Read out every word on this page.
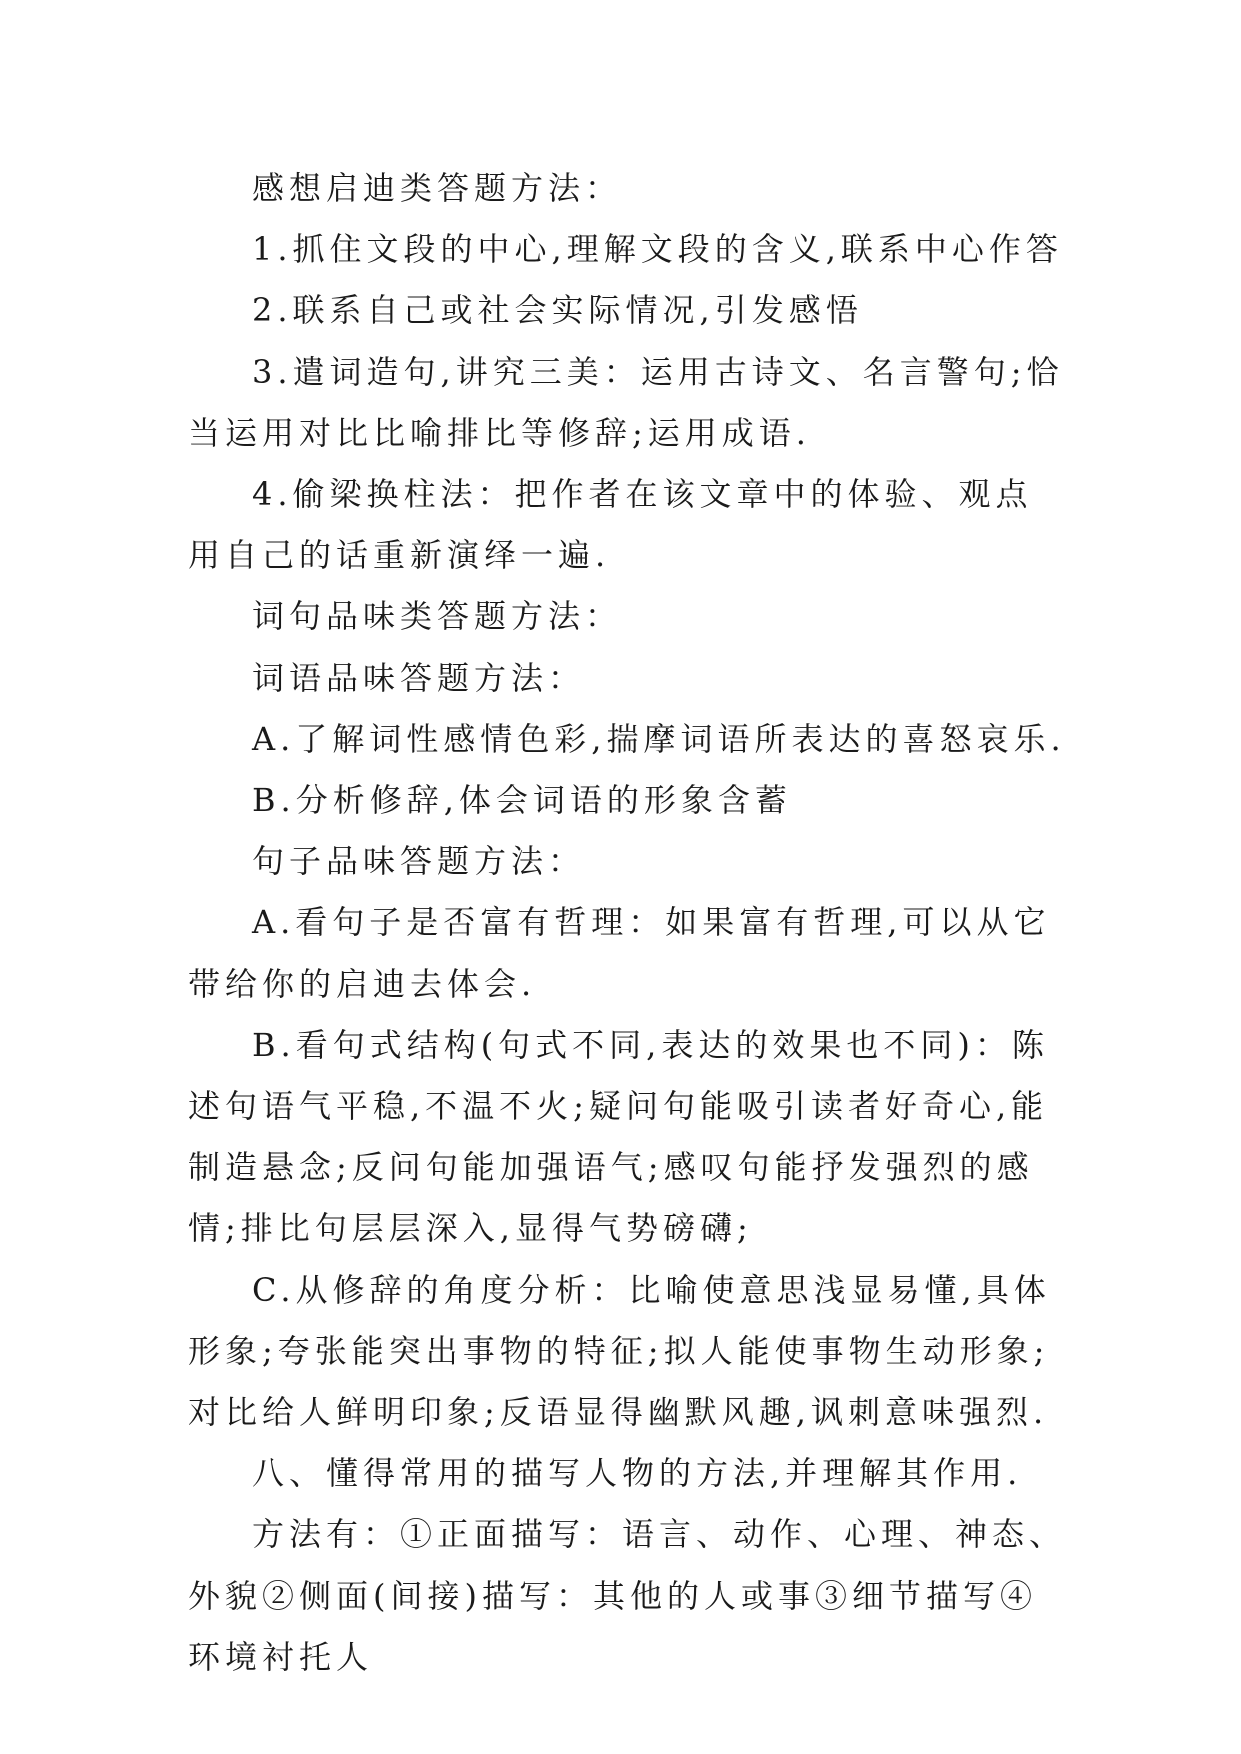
感想启迪类答题方法：

1.抓住文段的中心,理解文段的含义,联系中心作答

2.联系自己或社会实际情况,引发感悟

3.遣词造句,讲究三美：运用古诗文、名言警句;恰当运用对比比喻排比等修辞;运用成语.

4.偷梁换柱法：把作者在该文章中的体验、观点用自己的话重新演绎一遍.

词句品味类答题方法：

词语品味答题方法：

A.了解词性感情色彩,揣摩词语所表达的喜怒哀乐.

B.分析修辞,体会词语的形象含蓄

句子品味答题方法：

A.看句子是否富有哲理：如果富有哲理,可以从它带给你的启迪去体会.

B.看句式结构(句式不同,表达的效果也不同)：陈述句语气平稳,不温不火;疑问句能吸引读者好奇心,能制造悬念;反问句能加强语气;感叹句能抒发强烈的感情;排比句层层深入,显得气势磅礴;

C.从修辞的角度分析：比喻使意思浅显易懂,具体形象;夸张能突出事物的特征;拟人能使事物生动形象;对比给人鲜明印象;反语显得幽默风趣,讽刺意味强烈.

八、懂得常用的描写人物的方法,并理解其作用.

方法有：①正面描写：语言、动作、心理、神态、外貌②侧面(间接)描写：其他的人或事③细节描写④环境衬托人
